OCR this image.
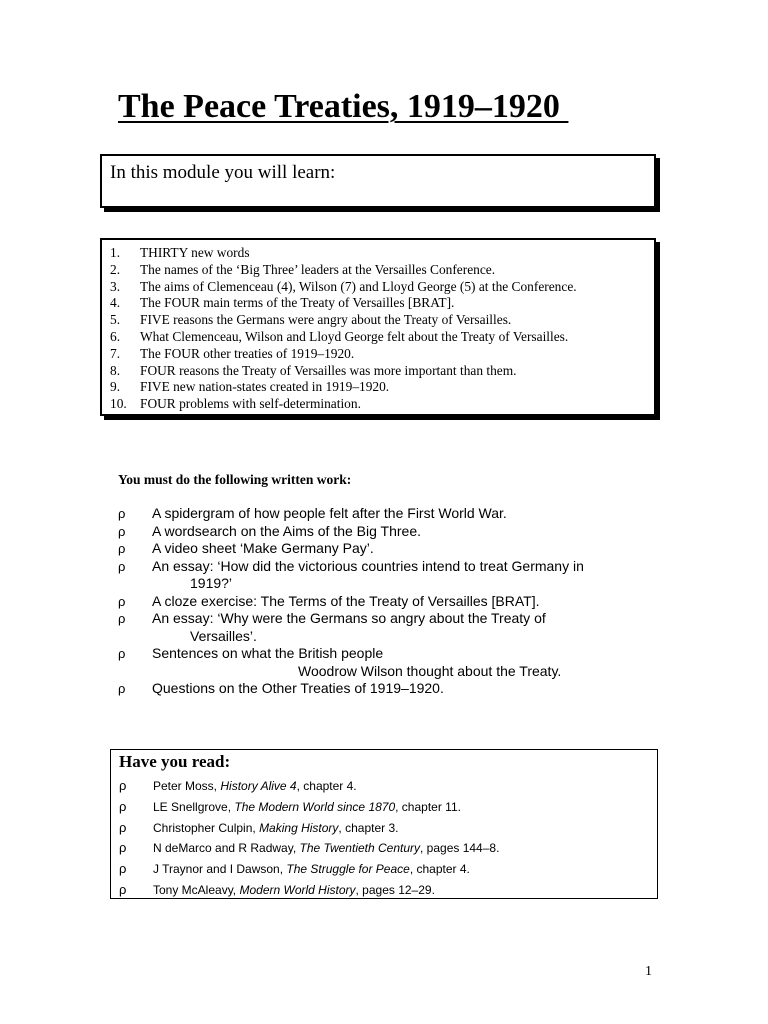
The Peace Treaties, 1919–1920
In this module you will learn:
1.	THIRTY new words
2.	The names of the ‘Big Three’ leaders at the Versailles Conference.
3.	The aims of Clemenceau (4), Wilson (7) and Lloyd George (5) at the Conference.
4.	The FOUR main terms of the Treaty of Versailles [BRAT].
5.	FIVE reasons the Germans were angry about the Treaty of Versailles.
6.	What Clemenceau, Wilson and Lloyd George felt about the Treaty of Versailles.
7.	The FOUR other treaties of 1919–1920.
8.	FOUR reasons the Treaty of Versailles was more important than them.
9.	FIVE new nation-states created in 1919–1920.
10. FOUR problems with self-determination.
You must do the following written work:
ρ	A spidergram of how people felt after the First World War.
ρ	A wordsearch on the Aims of the Big Three.
ρ	A video sheet ‘Make Germany Pay’.
ρ	An essay: ‘How did the victorious countries intend to treat Germany in
1919?’
ρ	A cloze exercise: The Terms of the Treaty of Versailles [BRAT].
ρ	An essay: ‘Why were the Germans so angry about the Treaty of
Versailles’.
ρ	Sentences on what the British people
Woodrow Wilson thought about the Treaty.
ρ	Questions on the Other Treaties of 1919–1920.
Have you read:
ρ	Peter Moss, History Alive 4, chapter 4.
ρ	LE Snellgrove, The Modern World since 1870, chapter 11.
ρ	Christopher Culpin, Making History, chapter 3.
ρ	N deMarco and R Radway, The Twentieth Century, pages 144–8.
ρ	J Traynor and I Dawson, The Struggle for Peace, chapter 4.
ρ	Tony McAleavy, Modern World History, pages 12–29.
1
